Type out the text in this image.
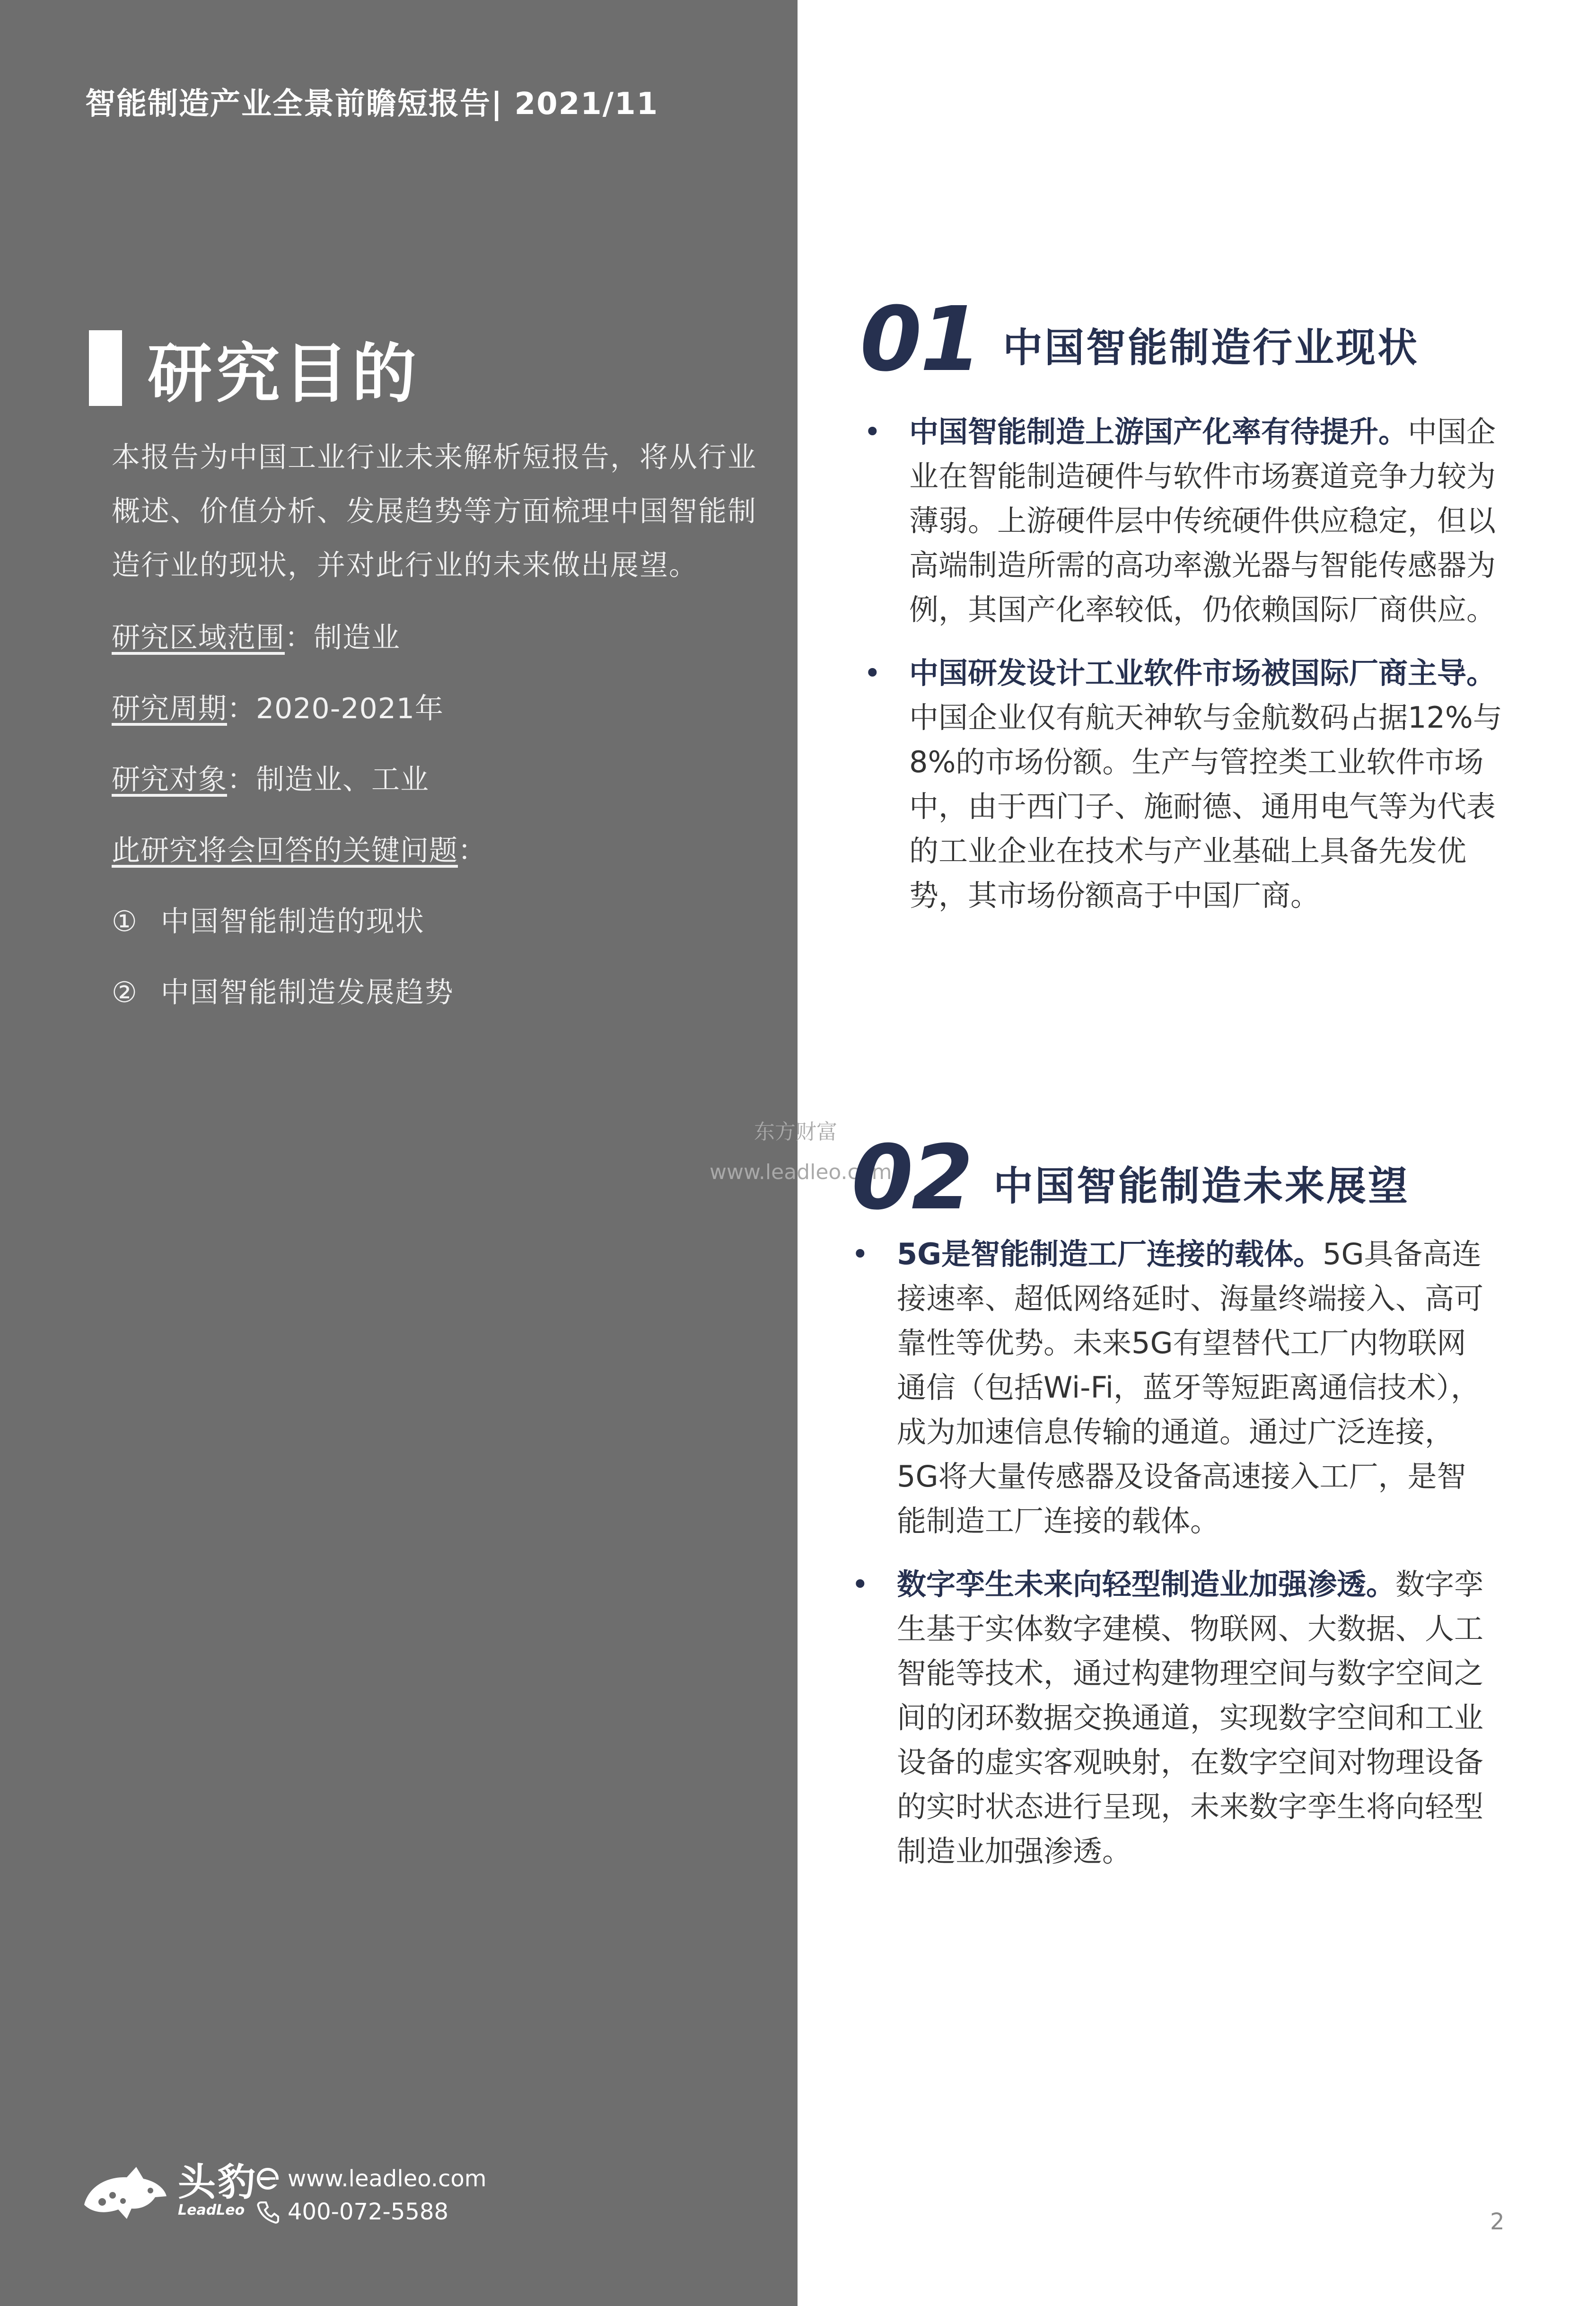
智能制造产业全景前瞻短报告| 2021/11
研究目的
本报告为中国工业行业未来解析短报告，将从行业概述、价值分析、发展趋势等方面梳理中国智能制造行业的现状，并对此行业的未来做出展望。
研究区域范围：制造业
研究周期：2020-2021年
研究对象：制造业、工业
此研究将会回答的关键问题：
① 中国智能制造的现状
② 中国智能制造发展趋势
头豹
LeadLeo
www.leadleo.com
400-072-5588
东方财富
www.leadleo.com
01 中国智能制造行业现状
• 中国智能制造上游国产化率有待提升。中国企业在智能制造硬件与软件市场赛道竞争力较为薄弱。上游硬件层中传统硬件供应稳定，但以高端制造所需的高功率激光器与智能传感器为例，其国产化率较低，仍依赖国际厂商供应。
• 中国研发设计工业软件市场被国际厂商主导。中国企业仅有航天神软与金航数码占据12%与8%的市场份额。生产与管控类工业软件市场中，由于西门子、施耐德、通用电气等为代表的工业企业在技术与产业基础上具备先发优势，其市场份额高于中国厂商。
02 中国智能制造未来展望
• 5G是智能制造工厂连接的载体。5G具备高连接速率、超低网络延时、海量终端接入、高可靠性等优势。未来5G有望替代工厂内物联网通信（包括Wi-Fi，蓝牙等短距离通信技术），成为加速信息传输的通道。通过广泛连接，5G将大量传感器及设备高速接入工厂，是智能制造工厂连接的载体。
• 数字孪生未来向轻型制造业加强渗透。数字孪生基于实体数字建模、物联网、大数据、人工智能等技术，通过构建物理空间与数字空间之间的闭环数据交换通道，实现数字空间和工业设备的虚实客观映射，在数字空间对物理设备的实时状态进行呈现，未来数字孪生将向轻型制造业加强渗透。
2
